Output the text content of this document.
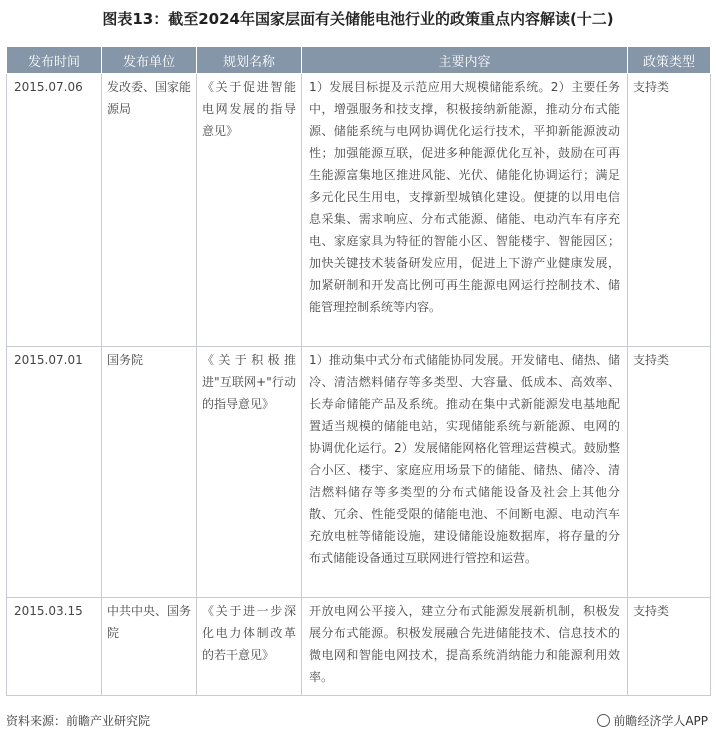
图表13：截至2024年国家层面有关储能电池行业的政策重点内容解读(十二)
发布时间	发布单位	规划名称	主要内容	政策类型
2015.07.06	发改委、国家能源局	《关于促进智能电网发展的指导意见》	1）发展目标提及示范应用大规模储能系统。2）主要任务中，增强服务和技支撑，积极接纳新能源，推动分布式能源、储能系统与电网协调优化运行技术，平抑新能源波动性；加强能源互联，促进多种能源优化互补，鼓励在可再生能源富集地区推进风能、光伏、储能化协调运行；满足多元化民生用电，支撑新型城镇化建设。便捷的以用电信息采集、需求响应、分布式能源、储能、电动汽车有序充电、家庭家具为特征的智能小区、智能楼宇、智能园区；加快关键技术装备研发应用，促进上下游产业健康发展，加紧研制和开发高比例可再生能源电网运行控制技术、储能管理控制系统等内容。	支持类
2015.07.01	国务院	《关于积极推进"互联网+"行动的指导意见》	1）推动集中式分布式储能协同发展。开发储电、储热、储冷、清洁燃料储存等多类型、大容量、低成本、高效率、长寿命储能产品及系统。推动在集中式新能源发电基地配置适当规模的储能电站，实现储能系统与新能源、电网的协调优化运行。2）发展储能网格化管理运营模式。鼓励整合小区、楼宇、家庭应用场景下的储能、储热、储冷、清洁燃料储存等多类型的分布式储能设备及社会上其他分散、冗余、性能受限的储能电池、不间断电源、电动汽车充放电桩等储能设施，建设储能设施数据库，将存量的分布式储能设备通过互联网进行管控和运营。	支持类
2015.03.15	中共中央、国务院	《关于进一步深化电力体制改革的若干意见》	开放电网公平接入，建立分布式能源发展新机制，积极发展分布式能源。积极发展融合先进储能技术、信息技术的微电网和智能电网技术，提高系统消纳能力和能源利用效率。	支持类
资料来源：前瞻产业研究院	前瞻经济学人APP
